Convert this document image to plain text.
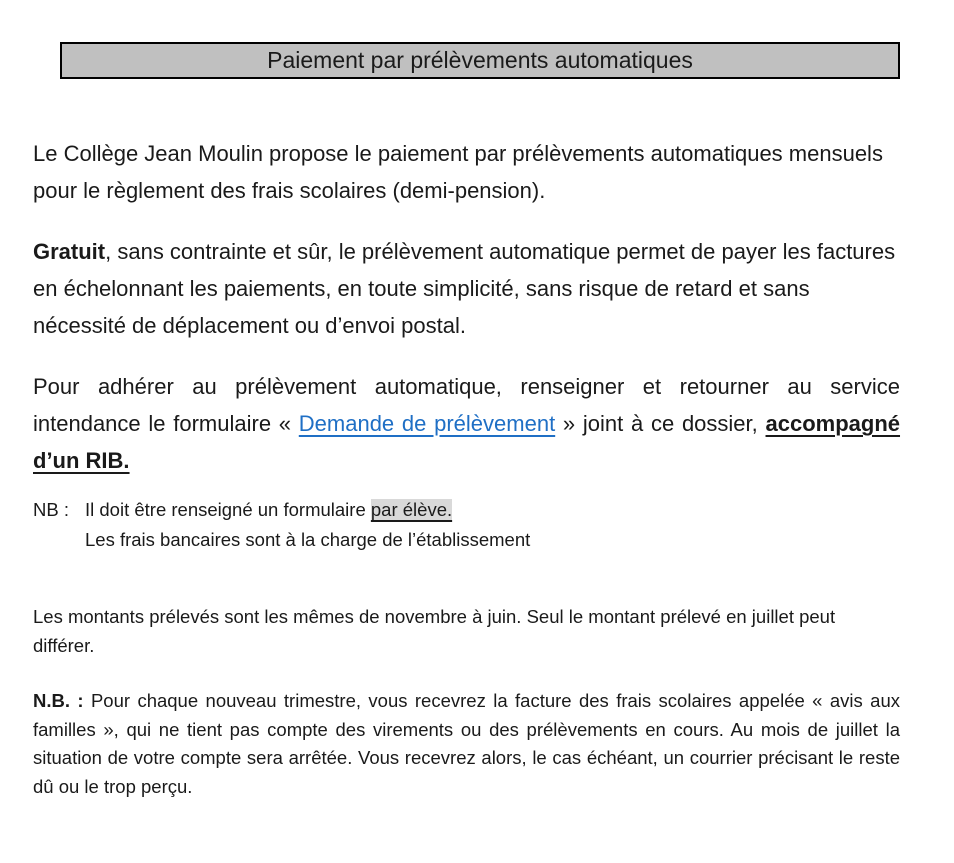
Paiement par prélèvements automatiques

Le Collège Jean Moulin propose le paiement par prélèvements automatiques mensuels pour le règlement des frais scolaires (demi-pension).

Gratuit, sans contrainte et sûr, le prélèvement automatique permet de payer les factures en échelonnant les paiements, en toute simplicité, sans risque de retard et sans nécessité de déplacement ou d’envoi postal.

Pour adhérer au prélèvement automatique, renseigner et retourner au service intendance le formulaire « Demande de prélèvement » joint à ce dossier, accompagné d’un RIB.

NB : Il doit être renseigné un formulaire par élève.
Les frais bancaires sont à la charge de l’établissement

Les montants prélevés sont les mêmes de novembre à juin. Seul le montant prélevé en juillet peut différer.

N.B. : Pour chaque nouveau trimestre, vous recevrez la facture des frais scolaires appelée « avis aux familles », qui ne tient pas compte des virements ou des prélèvements en cours. Au mois de juillet la situation de votre compte sera arrêtée. Vous recevrez alors, le cas échéant, un courrier précisant le reste dû ou le trop perçu.
